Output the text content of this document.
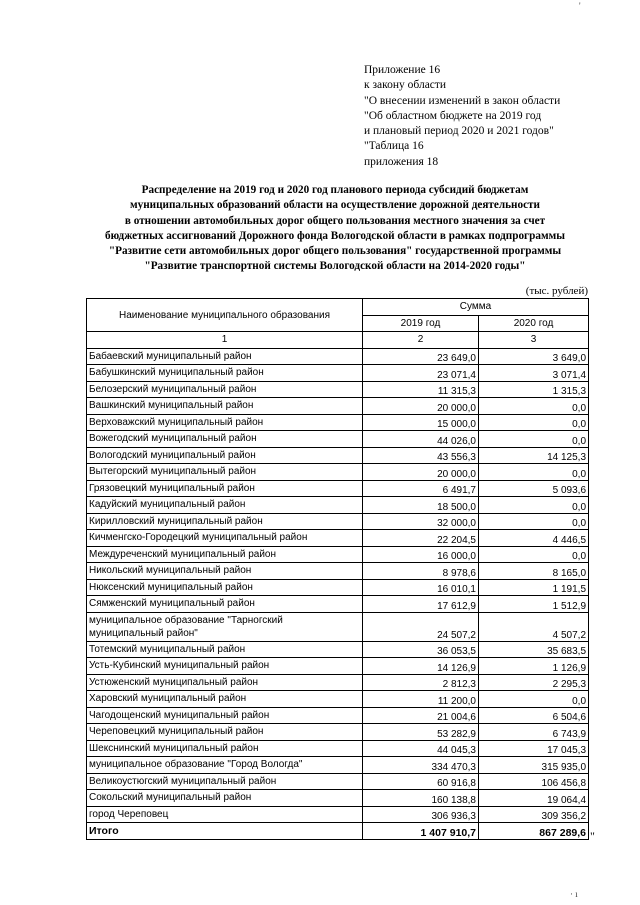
'
Приложение 16
к закону области
"О внесении изменений в закон области
"Об областном бюджете на 2019 год
и плановый период 2020 и 2021 годов"
"Таблица 16
приложения 18
Распределение на 2019 год и 2020 год планового периода субсидий бюджетам
муниципальных образований области на осуществление дорожной деятельности
в отношении автомобильных дорог общего пользования местного значения за счет
бюджетных ассигнований Дорожного фонда Вологодской области в рамках подпрограммы
"Развитие сети автомобильных дорог общего пользования" государственной программы
"Развитие транспортной системы Вологодской области на 2014-2020 годы"
(тыс. рублей)
Наименование муниципального образования	Сумма	
	2019 год	2020 год
1	2	3
Бабаевский муниципальный район	23 649,0	3 649,0
Бабушкинский муниципальный район	23 071,4	3 071,4
Белозерский муниципальный район	11 315,3	1 315,3
Вашкинский муниципальный район	20 000,0	0,0
Верховажский муниципальный район	15 000,0	0,0
Вожегодский муниципальный район	44 026,0	0,0
Вологодский муниципальный район	43 556,3	14 125,3
Вытегорский муниципальный район	20 000,0	0,0
Грязовецкий муниципальный район	6 491,7	5 093,6
Кадуйский муниципальный район	18 500,0	0,0
Кирилловский муниципальный район	32 000,0	0,0
Кичменгско-Городецкий муниципальный район	22 204,5	4 446,5
Междуреченский муниципальный район	16 000,0	0,0
Никольский муниципальный район	8 978,6	8 165,0
Нюксенский муниципальный район	16 010,1	1 191,5
Сямженский муниципальный район	17 612,9	1 512,9
муниципальное образование "Тарногский муниципальный район"	24 507,2	4 507,2
Тотемский муниципальный район	36 053,5	35 683,5
Усть-Кубинский муниципальный район	14 126,9	1 126,9
Устюженский муниципальный район	2 812,3	2 295,3
Харовский муниципальный район	11 200,0	0,0
Чагодощенский муниципальный район	21 004,6	6 504,6
Череповецкий муниципальный район	53 282,9	6 743,9
Шекснинский муниципальный район	44 045,3	17 045,3
муниципальное образование "Город Вологда"	334 470,3	315 935,0
Великоустюгский муниципальный район	60 916,8	106 456,8
Сокольский муниципальный район	160 138,8	19 064,4
город Череповец	306 936,3	309 356,2
Итого	1 407 910,7	867 289,6 "
· ı
